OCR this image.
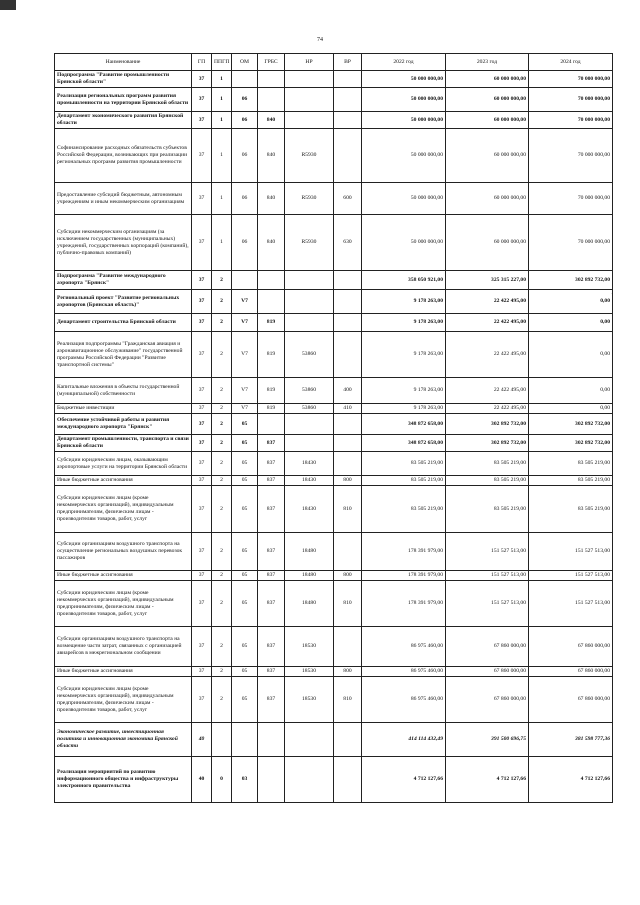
74
·
Наименование	ГП	ППГП	ОМ	ГРБС	НР	ВР	2022 год	2023 год	2024 год
Подпрограмма "Развитие промышленности Брянской области"	37	1					50 000 000,00	60 000 000,00	70 000 000,00
Реализация региональных программ развития промышленности на территории Брянской области	37	1	06				50 000 000,00	60 000 000,00	70 000 000,00
Департамент экономического развития Брянской области	37	1	06	840			50 000 000,00	60 000 000,00	70 000 000,00
Софинансирование расходных обязательств субъектов Российской Федерации, возникающих при реализации региональных программ развития промышленности	37	1	06	840	R5930		50 000 000,00	60 000 000,00	70 000 000,00
Предоставление субсидий бюджетным, автономным учреждениям и иным некоммерческим организациям	37	1	06	840	R5930	600	50 000 000,00	60 000 000,00	70 000 000,00
Субсидии некоммерческим организациям (за исключением государственных (муниципальных) учреждений, государственных корпораций (компаний), публично-правовых компаний)	37	1	06	840	R5930	630	50 000 000,00	60 000 000,00	70 000 000,00
Подпрограмма "Развитие международного аэропорта "Брянск"	37	2					358 050 921,00	325 315 227,00	302 892 732,00
Региональный проект "Развитие региональных аэропортов (Брянская область)"	37	2	V7				9 178 263,00	22 422 495,00	0,00
Департамент строительства Брянской области	37	2	V7	819			9 178 263,00	22 422 495,00	0,00
Реализация подпрограммы "Гражданская авиация и аэронавигационное обслуживание" государственной программы Российской Федерации "Развитие транспортной системы"	37	2	V7	819	53860		9 178 263,00	22 422 495,00	0,00
Капитальные вложения в объекты государственной (муниципальной) собственности	37	2	V7	819	53860	400	9 178 263,00	22 422 495,00	0,00
Бюджетные инвестиции	37	2	V7	819	53860	410	9 178 263,00	22 422 495,00	0,00
Обеспечение устойчивой работы и развития международного аэропорта "Брянск"	37	2	05				348 872 658,00	302 892 732,00	302 892 732,00
Департамент промышленности, транспорта и связи Брянской области	37	2	05	837			348 872 658,00	302 892 732,00	302 892 732,00
Субсидии юридическим лицам, оказывающим аэропортовые услуги на территории Брянской области	37	2	05	837	18430		83 505 219,00	83 505 219,00	83 505 219,00
Иные бюджетные ассигнования	37	2	05	837	18430	800	83 505 219,00	83 505 219,00	83 505 219,00
Субсидии юридическим лицам (кроме некоммерческих организаций), индивидуальным предпринимателям, физическим лицам - производителям товаров, работ, услуг	37	2	05	837	18430	810	83 505 219,00	83 505 219,00	83 505 219,00
Субсидии организациям воздушного транспорта на осуществление региональных воздушных перевозок пассажиров	37	2	05	837	18480		178 391 979,00	151 527 513,00	151 527 513,00
Иные бюджетные ассигнования	37	2	05	837	18480	800	178 391 979,00	151 527 513,00	151 527 513,00
Субсидии юридическим лицам (кроме некоммерческих организаций), индивидуальным предпринимателям, физическим лицам - производителям товаров, работ, услуг	37	2	05	837	18480	810	178 391 979,00	151 527 513,00	151 527 513,00
Субсидии организациям воздушного транспорта на возмещение части затрат, связанных с организацией авиарейсов в межрегиональном сообщении	37	2	05	837	18530		86 975 460,00	67 860 000,00	67 860 000,00
Иные бюджетные ассигнования	37	2	05	837	18530	800	86 975 460,00	67 860 000,00	67 860 000,00
Субсидии юридическим лицам (кроме некоммерческих организаций), индивидуальным предпринимателям, физическим лицам - производителям товаров, работ, услуг	37	2	05	837	18530	810	86 975 460,00	67 860 000,00	67 860 000,00
Экономическое развитие, инвестиционная политика и инновационная экономика Брянской области	40						414 114 432,49	391 500 696,75	381 598 777,36
Реализация мероприятий по развитию информационного общества и инфраструктуры электронного правительства	40	0	03				4 712 127,66	4 712 127,66	4 712 127,66
